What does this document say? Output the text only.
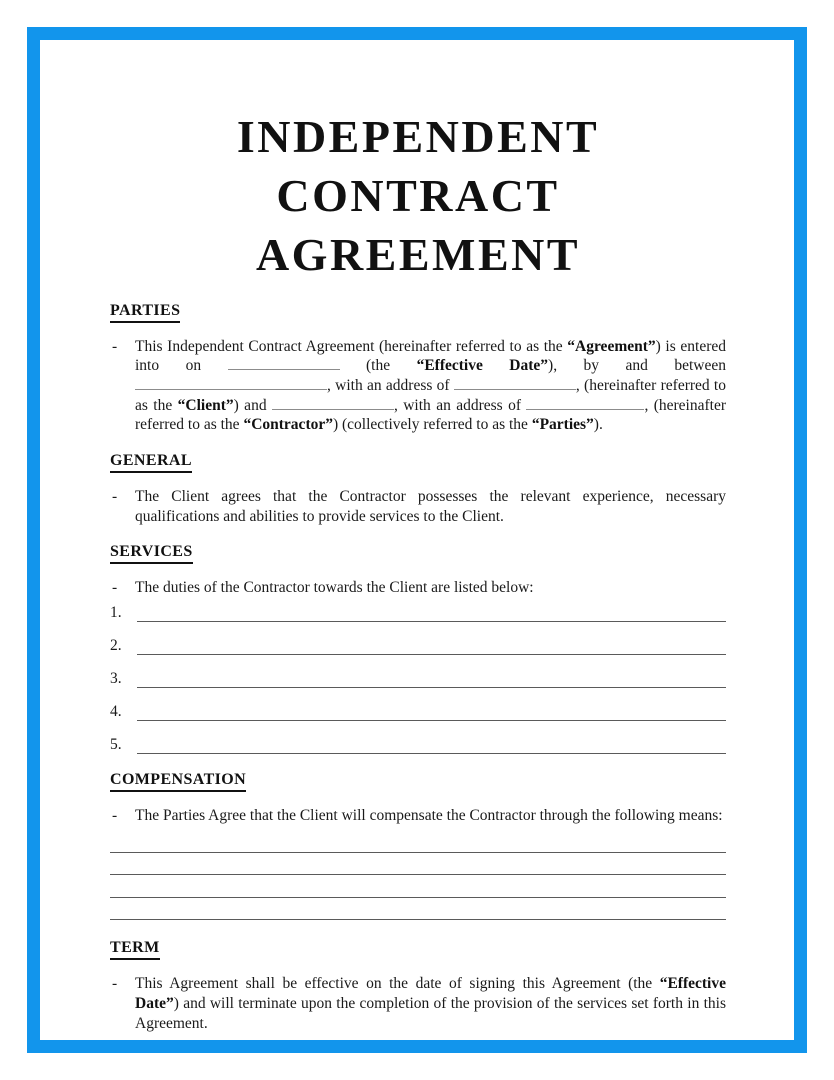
INDEPENDENT
CONTRACT AGREEMENT
PARTIES
- This Independent Contract Agreement (hereinafter referred to as the “Agreement”) is entered into on	(the “Effective Date”), by and between , with an address of	, (hereinafter referred to as the “Client”) and	, with an address of	, (hereinafter referred to as the “Contractor”) (collectively referred to as the “Parties”).
GENERAL
- The Client agrees that the Contractor possesses the relevant experience, necessary qualifications and abilities to provide services to the Client.
SERVICES
- The duties of the Contractor towards the Client are listed below:
1.
2.
3.
4.
5.
COMPENSATION
- The Parties Agree that the Client will compensate the Contractor through the following means:
TERM
- This Agreement shall be effective on the date of signing this Agreement (the “Effective Date”) and will terminate upon the completion of the provision of the services set forth in this Agreement.
